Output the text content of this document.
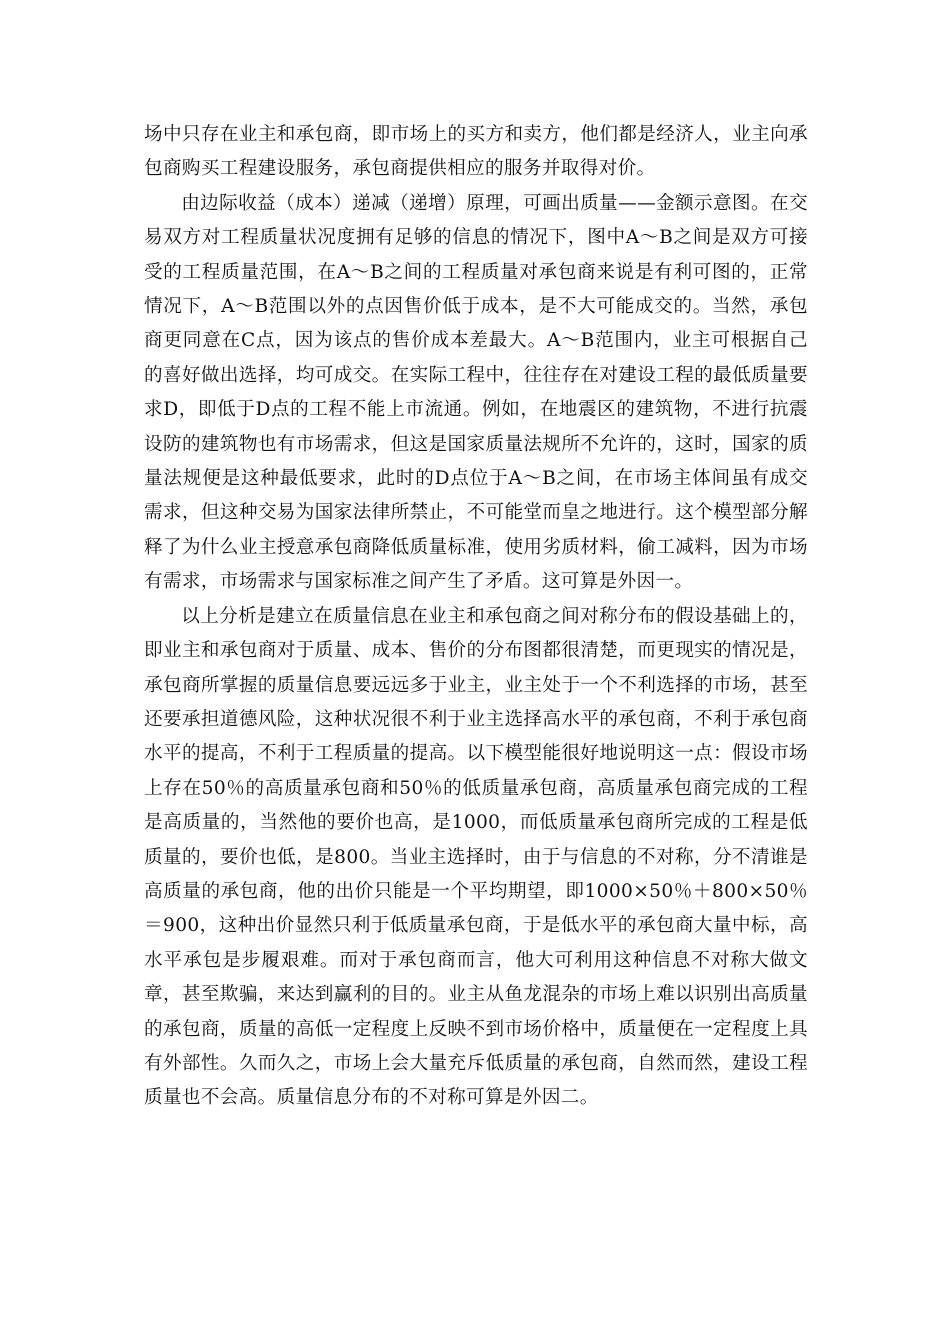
场中只存在业主和承包商，即市场上的买方和卖方，他们都是经济人，业主向承包商购买工程建设服务，承包商提供相应的服务并取得对价。

由边际收益（成本）递减（递增）原理，可画出质量——金额示意图。在交易双方对工程质量状况度拥有足够的信息的情况下，图中A～B之间是双方可接受的工程质量范围，在A～B之间的工程质量对承包商来说是有利可图的，正常情况下，A～B范围以外的点因售价低于成本，是不大可能成交的。当然，承包商更同意在C点，因为该点的售价成本差最大。A～B范围内，业主可根据自己的喜好做出选择，均可成交。在实际工程中，往往存在对建设工程的最低质量要求D，即低于D点的工程不能上市流通。例如，在地震区的建筑物，不进行抗震设防的建筑物也有市场需求，但这是国家质量法规所不允许的，这时，国家的质量法规便是这种最低要求，此时的D点位于A～B之间，在市场主体间虽有成交需求，但这种交易为国家法律所禁止，不可能堂而皇之地进行。这个模型部分解释了为什么业主授意承包商降低质量标准，使用劣质材料，偷工减料，因为市场有需求，市场需求与国家标准之间产生了矛盾。这可算是外因一。

以上分析是建立在质量信息在业主和承包商之间对称分布的假设基础上的，即业主和承包商对于质量、成本、售价的分布图都很清楚，而更现实的情况是，承包商所掌握的质量信息要远远多于业主，业主处于一个不利选择的市场，甚至还要承担道德风险，这种状况很不利于业主选择高水平的承包商，不利于承包商水平的提高，不利于工程质量的提高。以下模型能很好地说明这一点：假设市场上存在50％的高质量承包商和50％的低质量承包商，高质量承包商完成的工程是高质量的，当然他的要价也高，是1000，而低质量承包商所完成的工程是低质量的，要价也低，是800。当业主选择时，由于与信息的不对称，分不清谁是高质量的承包商，他的出价只能是一个平均期望，即1000×50％＋800×50％＝900，这种出价显然只利于低质量承包商，于是低水平的承包商大量中标，高水平承包是步履艰难。而对于承包商而言，他大可利用这种信息不对称大做文章，甚至欺骗，来达到赢利的目的。业主从鱼龙混杂的市场上难以识别出高质量的承包商，质量的高低一定程度上反映不到市场价格中，质量便在一定程度上具有外部性。久而久之，市场上会大量充斥低质量的承包商，自然而然，建设工程质量也不会高。质量信息分布的不对称可算是外因二。
